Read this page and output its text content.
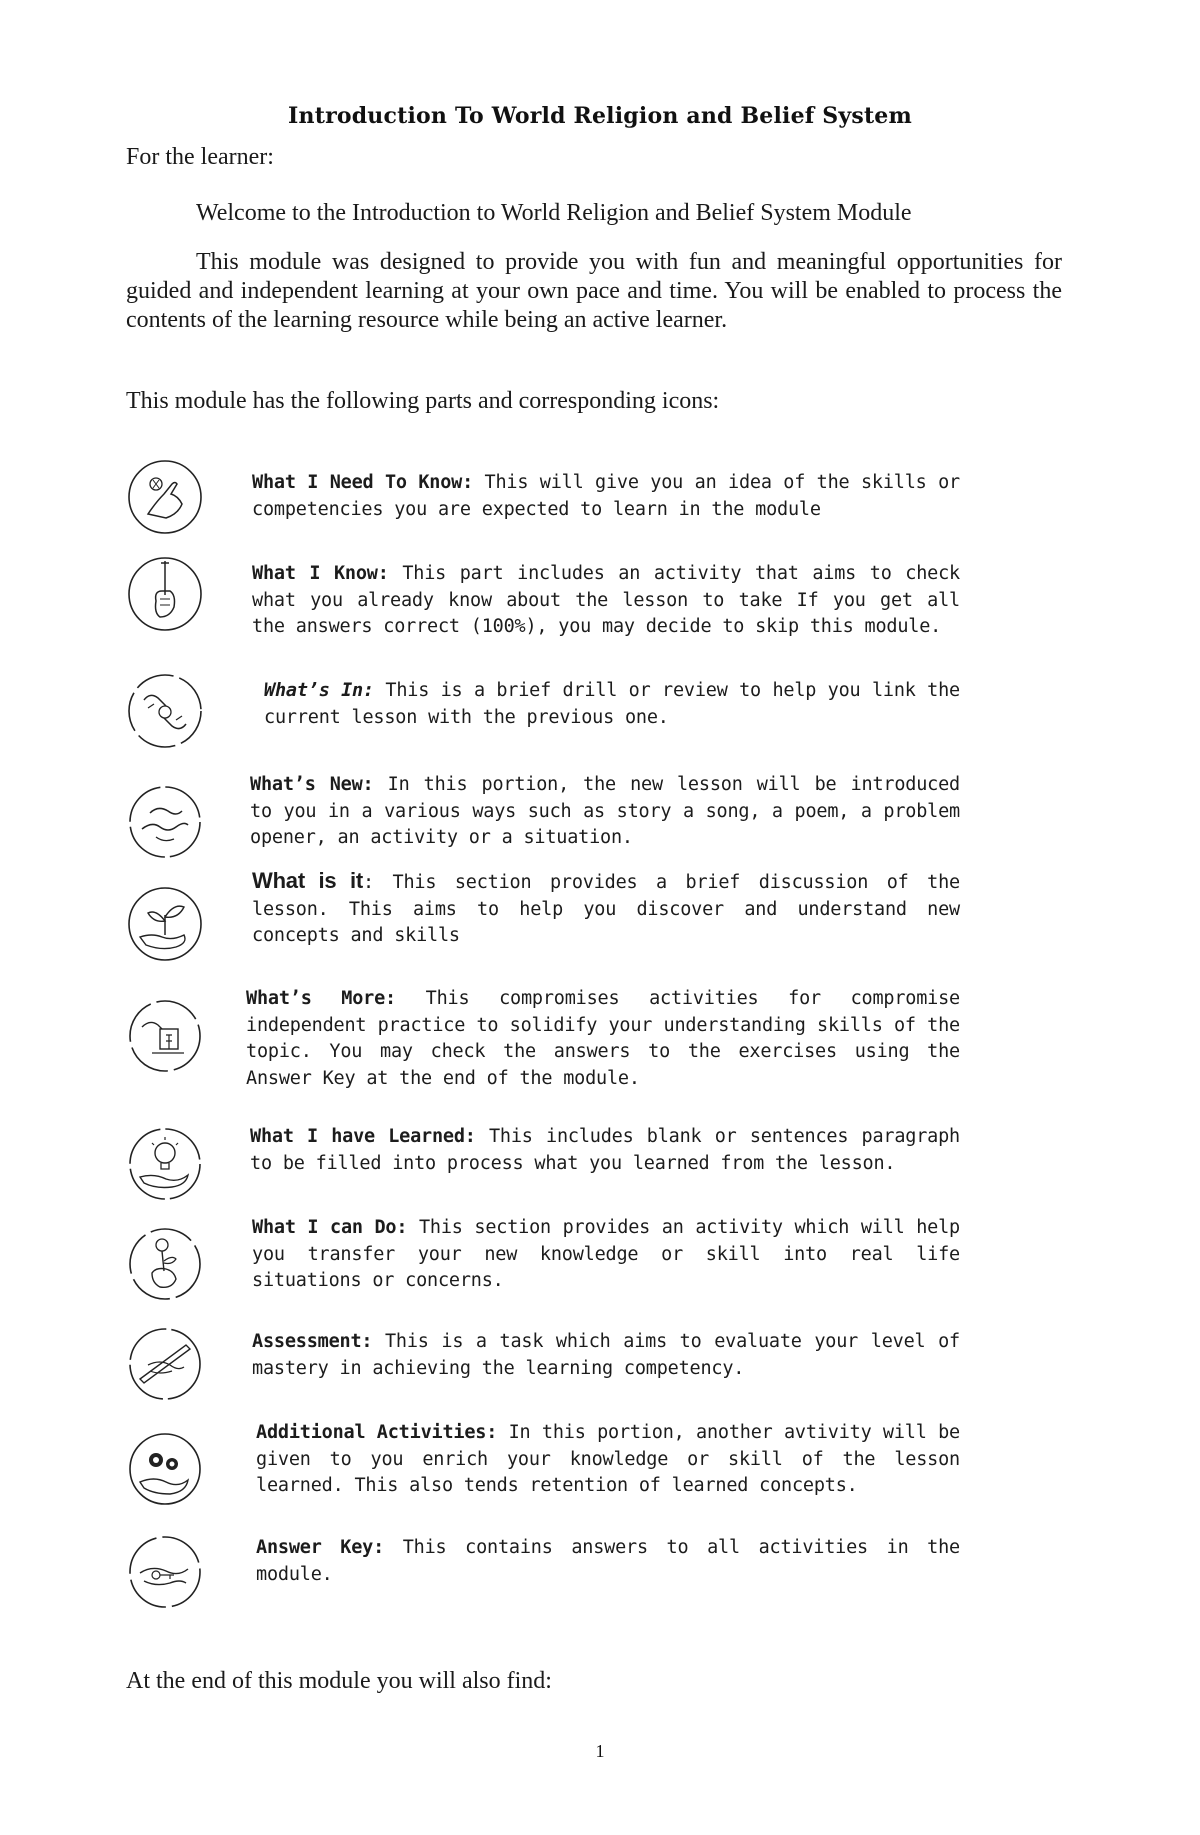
Introduction To World Religion and Belief System
For the learner:
Welcome to the Introduction to World Religion and Belief System Module
This module was designed to provide you with fun and meaningful opportunities for guided and independent learning at your own pace and time. You will be enabled to process the contents of the learning resource while being an active learner.
This module has the following parts and corresponding icons:
What I Need To Know: This will give you an idea of the skills or competencies you are expected to learn in the module
What I Know: This part includes an activity that aims to check what you already know about the lesson to take If you get all the answers correct (100%), you may decide to skip this module.
What’s In: This is a brief drill or review to help you link the current lesson with the previous one.
What’s New: In this portion, the new lesson will be introduced to you in a various ways such as story a song, a poem, a problem opener, an activity or a situation.
What is it: This section provides a brief discussion of the lesson. This aims to help you discover and understand new concepts and skills
What’s More: This compromises activities for compromise independent practice to solidify your understanding skills of the topic. You may check the answers to the exercises using the Answer Key at the end of the module.
What I have Learned: This includes blank or sentences paragraph to be filled into process what you learned from the lesson.
What I can Do: This section provides an activity which will help you transfer your new knowledge or skill into real life situations or concerns.
Assessment: This is a task which aims to evaluate your level of mastery in achieving the learning competency.
Additional Activities: In this portion, another avtivity will be given to you enrich your knowledge or skill of the lesson learned. This also tends retention of learned concepts.
Answer Key: This contains answers to all activities in the module.
At the end of this module you will also find:
1
